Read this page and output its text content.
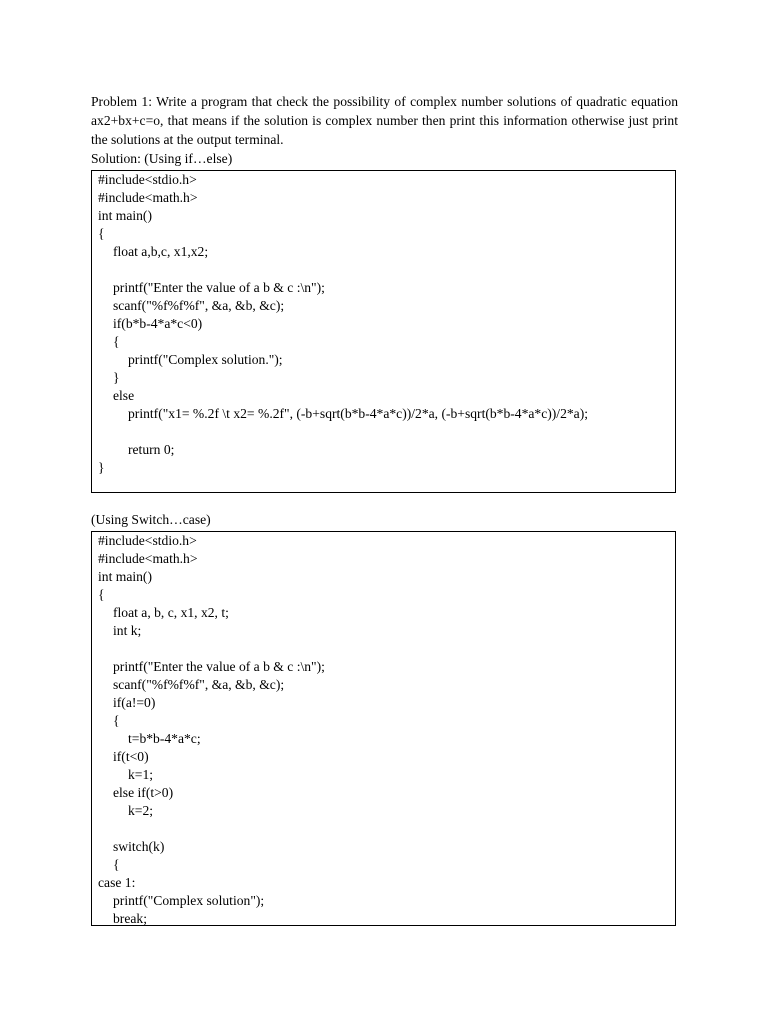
Problem 1: Write a program that check the possibility of complex number solutions of quadratic equation ax2+bx+c=o, that means if the solution is complex number then print this information otherwise just print the solutions at the output terminal.

Solution: (Using if…else)

#include<stdio.h>
#include<math.h>
int main()
{
float a,b,c, x1,x2;
printf("Enter the value of a b & c :\n");
scanf("%f%f%f", &a, &b, &c);
if(b*b-4*a*c<0)
{
printf("Complex solution.");
}
else
printf("x1= %.2f \t x2= %.2f", (-b+sqrt(b*b-4*a*c))/2*a, (-b+sqrt(b*b-4*a*c))/2*a);
return 0;
}

(Using Switch…case)

#include<stdio.h>
#include<math.h>
int main()
{
float a, b, c, x1, x2, t;
int k;
printf("Enter the value of a b & c :\n");
scanf("%f%f%f", &a, &b, &c);
if(a!=0)
{
t=b*b-4*a*c;
if(t<0)
k=1;
else if(t>0)
k=2;
switch(k)
{
case 1:
printf("Complex solution");
break;
